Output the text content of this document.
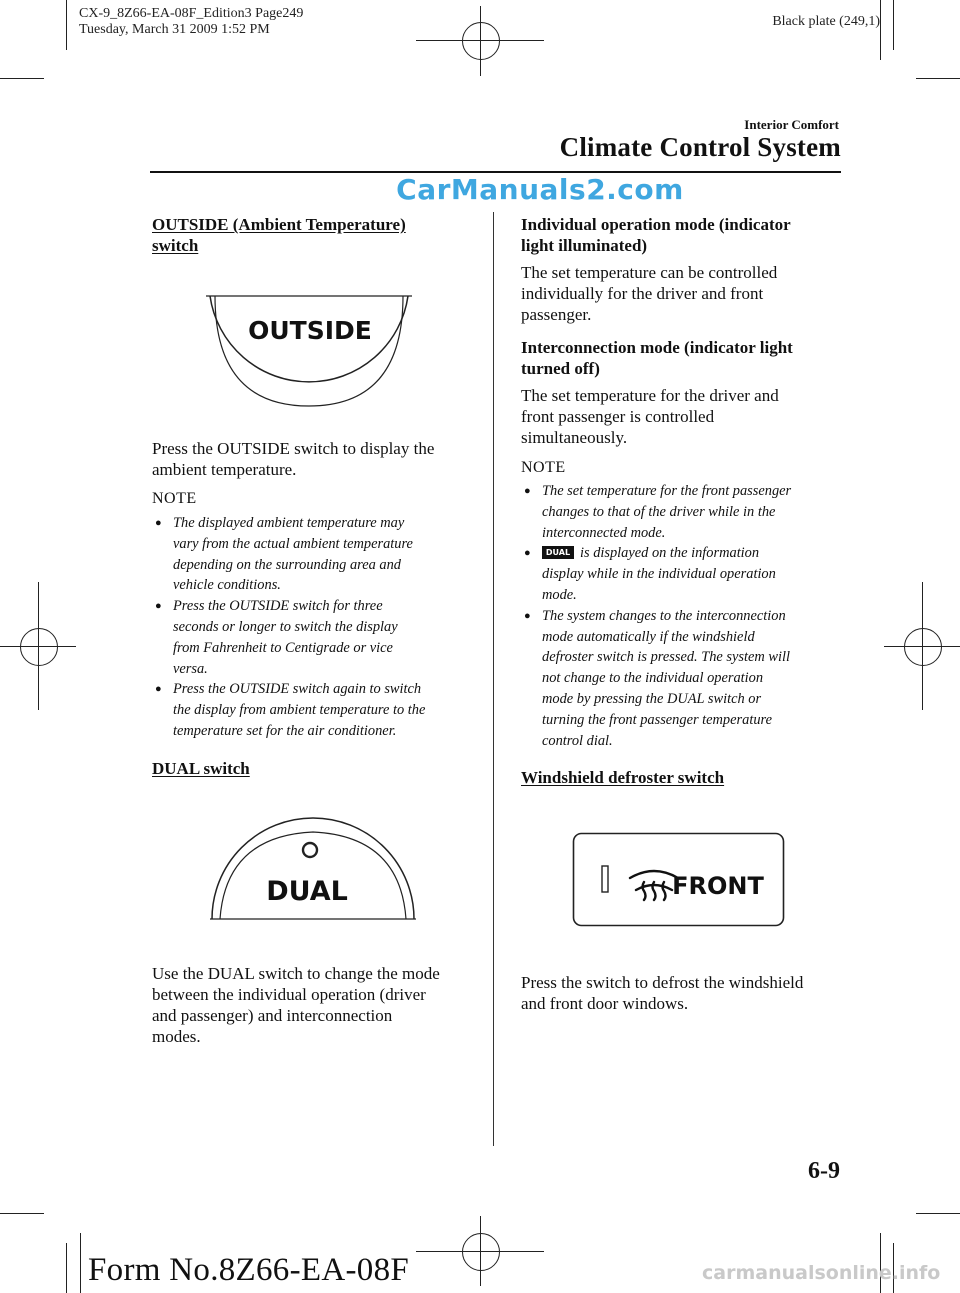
CX-9_8Z66-EA-08F_Edition3 Page249
Tuesday, March 31 2009 1:52 PM
Black plate (249,1)
Interior Comfort
Climate Control System
CarManuals2.com
OUTSIDE (Ambient Temperature)
switch
OUTSIDE
Press the OUTSIDE switch to display the
ambient temperature.
NOTE
● The displayed ambient temperature may
vary from the actual ambient temperature
depending on the surrounding area and
vehicle conditions.
● Press the OUTSIDE switch for three
seconds or longer to switch the display
from Fahrenheit to Centigrade or vice
versa.
● Press the OUTSIDE switch again to switch
the display from ambient temperature to the
temperature set for the air conditioner.
DUAL switch
DUAL
Use the DUAL switch to change the mode
between the individual operation (driver
and passenger) and interconnection
modes.
Individual operation mode (indicator
light illuminated)
The set temperature can be controlled
individually for the driver and front
passenger.
Interconnection mode (indicator light
turned off)
The set temperature for the driver and
front passenger is controlled
simultaneously.
NOTE
● The set temperature for the front passenger
changes to that of the driver while in the
interconnected mode.
●	DUAL is displayed on the information
display while in the individual operation
mode.
● The system changes to the interconnection
mode automatically if the windshield
defroster switch is pressed. The system will
not change to the individual operation
mode by pressing the DUAL switch or
turning the front passenger temperature
control dial.
Windshield defroster switch
FRONT
Press the switch to defrost the windshield
and front door windows.
6-9
Form No.8Z66-EA-08F	carmanualsonline.info
